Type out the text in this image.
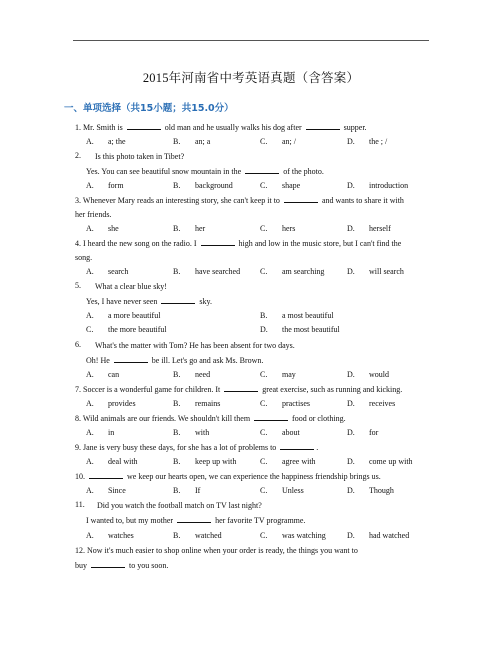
2015年河南省中考英语真题（含答案）
一、单项选择（共15小题；共15.0分）
1. Mr. Smith is	old man and he usually walks his dog after	supper.
A. a; the	B. an; a	C. an; /	D. the ; /
2. Is this photo taken in Tibet?
Yes. You can see beautiful snow mountain in the	of the photo.
A. form	B. background	C. shape	D. introduction
3. Whenever Mary reads an interesting story, she can't keep it to	and wants to share it with
her friends.
A. she	B. her	C. hers	D. herself
4. I heard the new song on the radio. I	high and low in the music store, but I can't find the
song.
A. search	B. have searched C. am searching	D. will search
5. What a clear blue sky!
Yes, I have never seen	sky.
A. a more beautiful	B. a most beautiful
C. the more beautiful	D. the most beautiful
6. What's the matter with Tom? He has been absent for two days.
Oh! He	be ill. Let's go and ask Ms. Brown.
A. can	B. need	C. may	D. would
7. Soccer is a wonderful game for children. It	great exercise, such as running and kicking.
A. provides	B. remains	C. practises	D. receives
8. Wild animals are our friends. We shouldn't kill them	food or clothing.
A. in	B. with	C. about	D. for
9. Jane is very busy these days, for she has a lot of problems to	.
A. deal with	B. keep up with	C. agree with	D. come up with
10.	we keep our hearts open, we can experience the happiness friendship brings us.
A. Since	B. If	C. Unless	D. Though
11. Did you watch the football match on TV last night?
I wanted to, but my mother	her favorite TV programme.
A. watches	B. watched	C. was watching	D. had watched
12. Now it's much easier to shop online when your order is ready, the things you want to
buy	to you soon.
